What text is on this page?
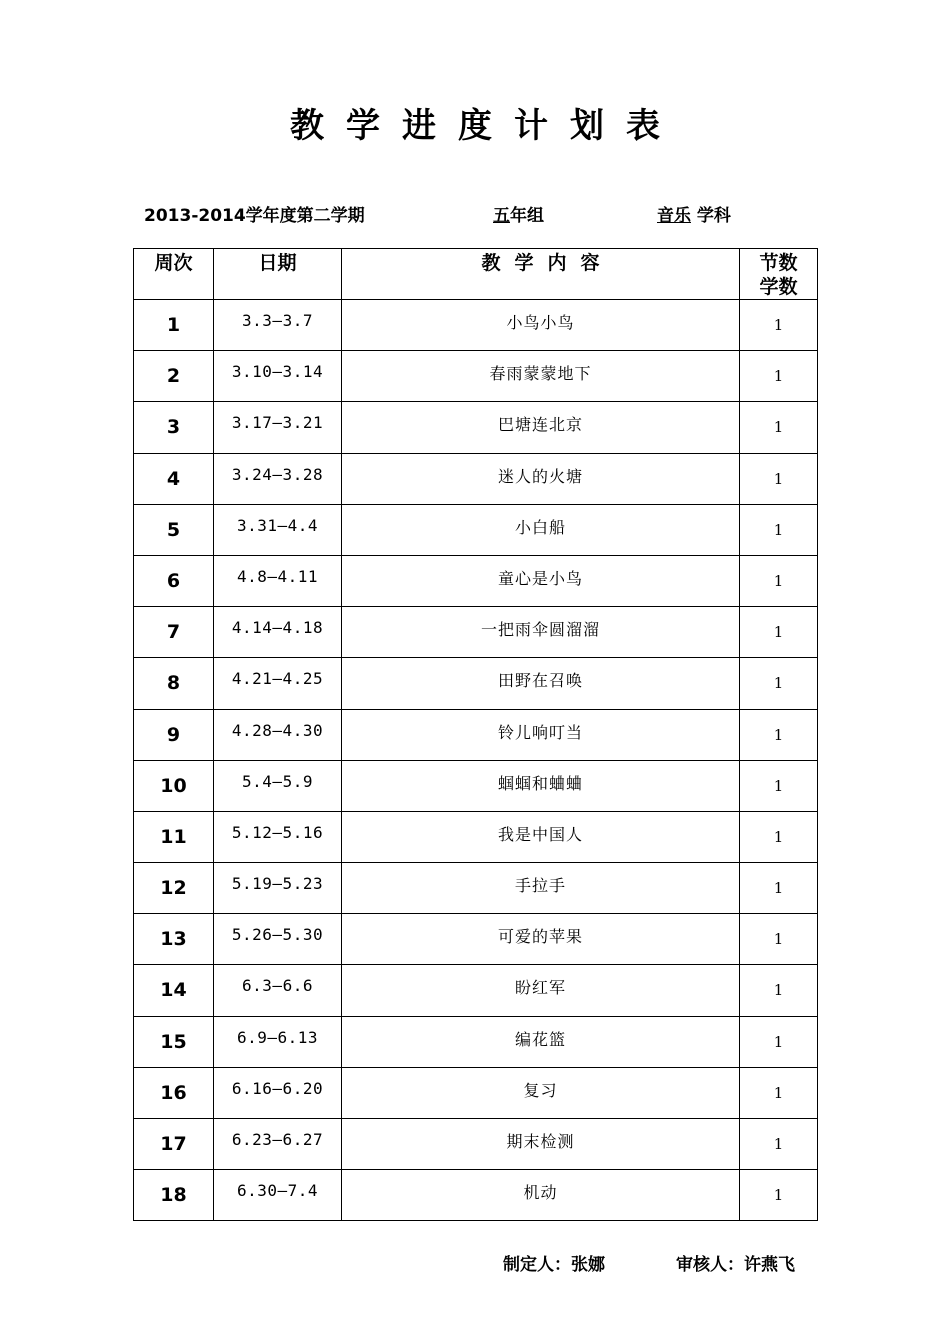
教学进度计划表
2013-2014学年度第二学期	五年组	音乐 学科
周次	日期	教学内容	节数
学数

1	3.3—3.7	小鸟小鸟	1
2	3.10—3.14	春雨蒙蒙地下	1
3	3.17—3.21	巴塘连北京	1
4	3.24—3.28	迷人的火塘	1
5	3.31—4.4	小白船	1
6	4.8—4.11	童心是小鸟	1
7	4.14—4.18	一把雨伞圆溜溜	1
8	4.21—4.25	田野在召唤	1
9	4.28—4.30	铃儿响叮当	1
10	5.4—5.9	蝈蝈和蛐蛐	1
11	5.12—5.16	我是中国人	1
12	5.19—5.23	手拉手	1
13	5.26—5.30	可爱的苹果	1
14	6.3—6.6	盼红军	1
15	6.9—6.13	编花篮	1
16	6.16—6.20	复习	1
17	6.23—6.27	期末检测	1
18	6.30—7.4	机动	1
制定人：张娜	审核人：许燕飞
